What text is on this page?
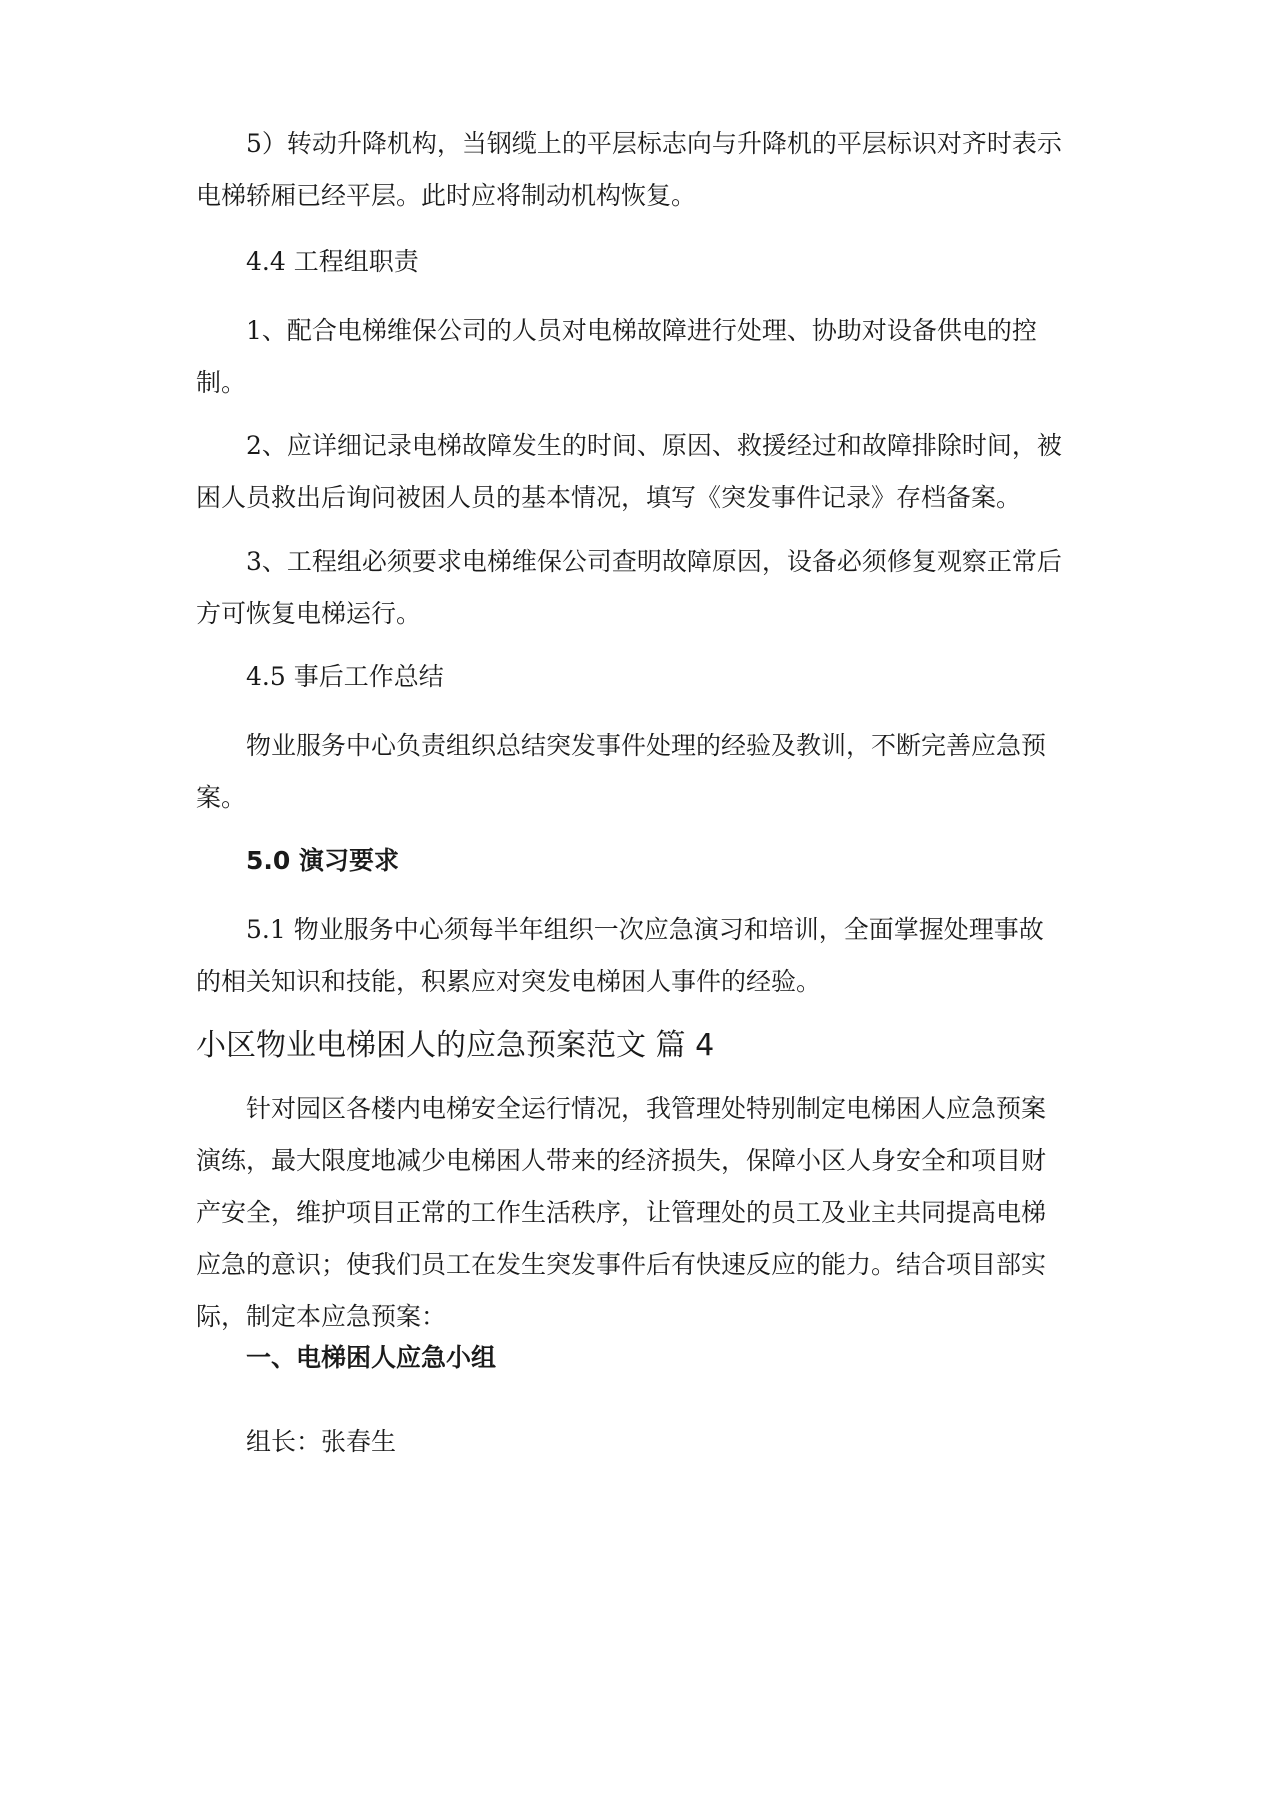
5）转动升降机构，当钢缆上的平层标志向与升降机的平层标识对齐时表示
电梯轿厢已经平层。此时应将制动机构恢复。
4.4 工程组职责
1、配合电梯维保公司的人员对电梯故障进行处理、协助对设备供电的控
制。
2、应详细记录电梯故障发生的时间、原因、救援经过和故障排除时间，被
困人员救出后询问被困人员的基本情况，填写《突发事件记录》存档备案。
3、工程组必须要求电梯维保公司查明故障原因，设备必须修复观察正常后
方可恢复电梯运行。
4.5 事后工作总结
物业服务中心负责组织总结突发事件处理的经验及教训，不断完善应急预
案。
5.0 演习要求
5.1 物业服务中心须每半年组织一次应急演习和培训，全面掌握处理事故
的相关知识和技能，积累应对突发电梯困人事件的经验。
小区物业电梯困人的应急预案范文 篇 4
针对园区各楼内电梯安全运行情况，我管理处特别制定电梯困人应急预案
演练，最大限度地减少电梯困人带来的经济损失，保障小区人身安全和项目财
产安全，维护项目正常的工作生活秩序，让管理处的员工及业主共同提高电梯
应急的意识；使我们员工在发生突发事件后有快速反应的能力。结合项目部实
际，制定本应急预案：
一、电梯困人应急小组
组长：张春生
